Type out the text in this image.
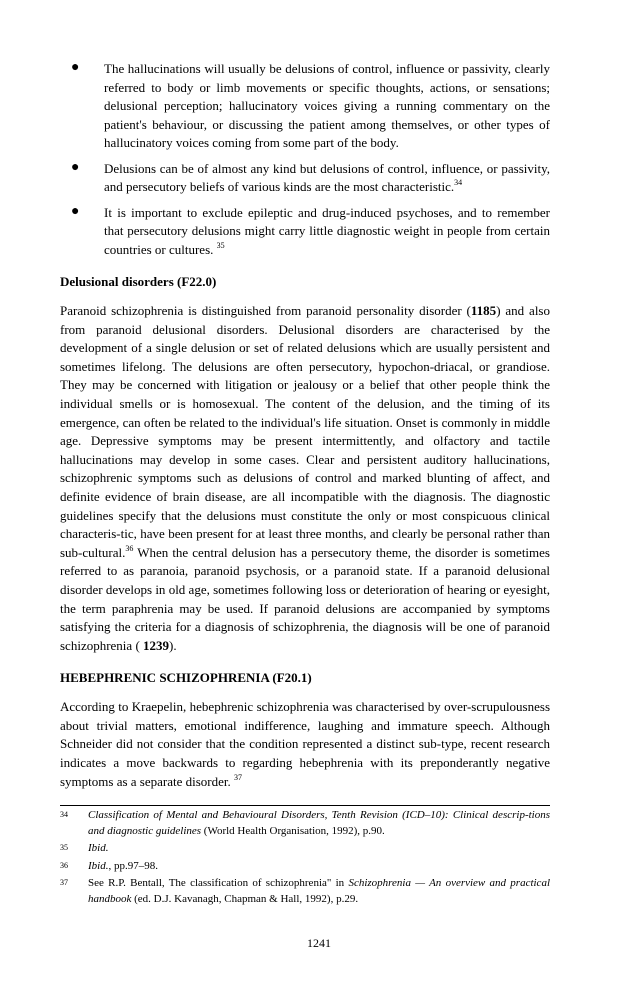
● The hallucinations will usually be delusions of control, influence or passivity, clearly referred to body or limb movements or specific thoughts, actions, or sensations; delusional perception; hallucinatory voices giving a running commentary on the patient's behaviour, or discussing the patient among themselves, or other types of hallucinatory voices coming from some part of the body.
● Delusions can be of almost any kind but delusions of control, influence, or passivity, and persecutory beliefs of various kinds are the most characteristic.$^{34}$
● It is important to exclude epileptic and drug-induced psychoses, and to remember that persecutory delusions might carry little diagnostic weight in people from certain countries or cultures. $^{35}$
Delusional disorders (F22.0)

Paranoid schizophrenia is distinguished from paranoid personality disorder (1185) and also from paranoid delusional disorders. Delusional disorders are characterised by the development of a single delusion or set of related delusions which are usually persistent and sometimes lifelong. The delusions are often persecutory, hypochon-driacal, or grandiose. They may be concerned with litigation or jealousy or a belief that other people think the individual smells or is homosexual. The content of the delusion, and the timing of its emergence, can often be related to the individual's life situation. Onset is commonly in middle age. Depressive symptoms may be present intermittently, and olfactory and tactile hallucinations may develop in some cases. Clear and persistent auditory hallucinations, schizophrenic symptoms such as delusions of control and marked blunting of affect, and definite evidence of brain disease, are all incompatible with the diagnosis. The diagnostic guidelines specify that the delusions must constitute the only or most conspicuous clinical characteris-tic, have been present for at least three months, and clearly be personal rather than sub-cultural.$^{36}$ When the central delusion has a persecutory theme, the disorder is sometimes referred to as paranoia, paranoid psychosis, or a paranoid state. If a paranoid delusional disorder develops in old age, sometimes following loss or deterioration of hearing or eyesight, the term paraphrenia may be used. If paranoid delusions are accompanied by symptoms satisfying the criteria for a diagnosis of schizophrenia, the diagnosis will be one of paranoid schizophrenia ( 1239).

HEBEPHRENIC SCHIZOPHRENIA (F20.1)

According to Kraepelin, hebephrenic schizophrenia was characterised by over-scrupulousness about trivial matters, emotional indifference, laughing and immature speech. Although Schneider did not consider that the condition represented a distinct sub-type, recent research indicates a move backwards to regarding hebephrenia with its preponderantly negative symptoms as a separate disorder. $^{37}$

34 Classification of Mental and Behavioural Disorders, Tenth Revision (ICD–10): Clinical descrip-tions and diagnostic guidelines (World Health Organisation, 1992), p.90.
35 Ibid.
36 Ibid., pp.97–98.
37 See R.P. Bentall, The classification of schizophrenia" in Schizophrenia — An overview and practical handbook (ed. D.J. Kavanagh, Chapman & Hall, 1992), p.29.
1241
